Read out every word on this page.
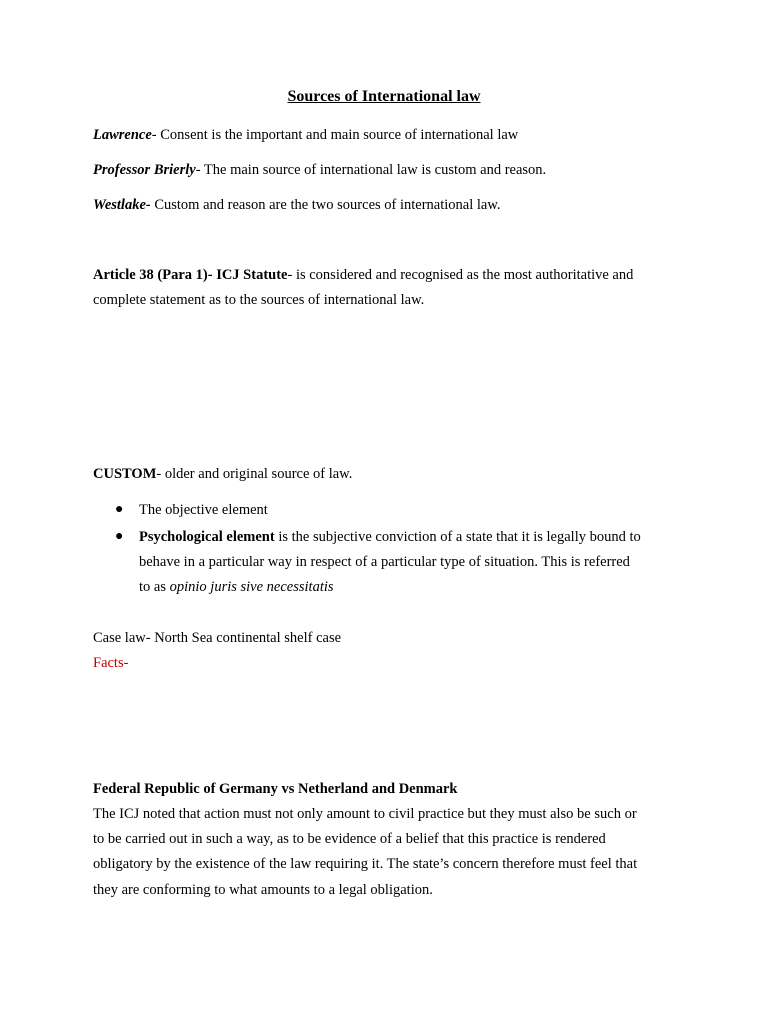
Sources of International law
Lawrence- Consent is the important and main source of international law
Professor Brierly- The main source of international law is custom and reason.
Westlake- Custom and reason are the two sources of international law.
Article 38 (Para 1)- ICJ Statute- is considered and recognised as the most authoritative and
complete statement as to the sources of international law.
CUSTOM- older and original source of law.
● The objective element
● Psychological element is the subjective conviction of a state that it is legally bound to
behave in a particular way in respect of a particular type of situation. This is referred
to as opinio juris sive necessitatis
Case law- North Sea continental shelf case
Facts-
Federal Republic of Germany vs Netherland and Denmark
The ICJ noted that action must not only amount to civil practice but they must also be such or
to be carried out in such a way, as to be evidence of a belief that this practice is rendered
obligatory by the existence of the law requiring it. The state’s concern therefore must feel that
they are conforming to what amounts to a legal obligation.
